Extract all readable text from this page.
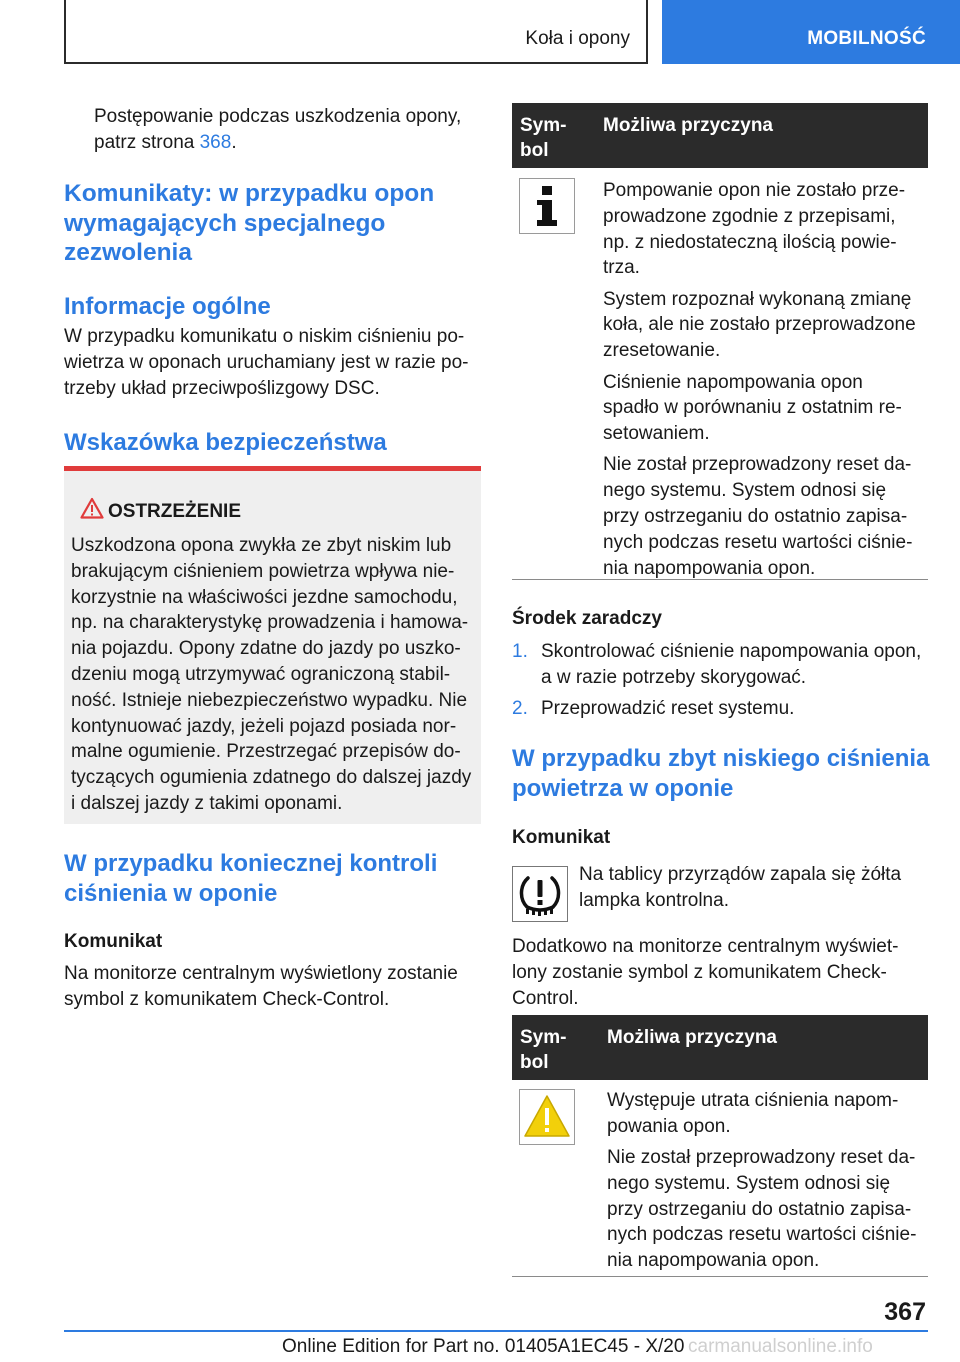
Koła i opony	MOBILNOŚĆ

Postępowanie podczas uszkodzenia opony,

patrz strona 368.

Komunikaty: w przypadku opon
wymagających specjalnego
zezwolenia
Informacje ogólne

W przypadku komunikatu o niskim ciśnieniu po-

wietrza w oponach uruchamiany jest w razie po-

trzeby układ przeciwpoślizgowy DSC.

Wskazówka bezpieczeństwa
OSTRZEŻENIE

Uszkodzona opona zwykła ze zbyt niskim lub

brakującym ciśnieniem powietrza wpływa nie-

korzystnie na właściwości jezdne samochodu,

np. na charakterystykę prowadzenia i hamowa-

nia pojazdu. Opony zdatne do jazdy po uszko-

dzeniu mogą utrzymywać ograniczoną stabil-

ność. Istnieje niebezpieczeństwo wypadku. Nie

kontynuować jazdy, jeżeli pojazd posiada nor-

malne ogumienie. Przestrzegać przepisów do-

tyczących ogumienia zdatnego do dalszej jazdy

i dalszej jazdy z takimi oponami.

W przypadku koniecznej kontroli
ciśnienia w oponie
Komunikat

Na monitorze centralnym wyświetlony zostanie

symbol z komunikatem Check-Control.

Sym-
bol
Możliwa przyczyna

Pompowanie opon nie zostało prze-
prowadzone zgodnie z przepisami,
np. z niedostateczną ilością powie-
trza.

System rozpoznał wykonaną zmianę
koła, ale nie zostało przeprowadzone
zresetowanie.

Ciśnienie napompowania opon
spadło w porównaniu z ostatnim re-
setowaniem.

Nie został przeprowadzony reset da-
nego systemu. System odnosi się
przy ostrzeganiu do ostatnio zapisa-
nych podczas resetu wartości ciśnie-
nia napompowania opon.

Środek zaradczy
1. Skontrolować ciśnienie napompowania opon,
a w razie potrzeby skorygować.
2. Przeprowadzić reset systemu.
W przypadku zbyt niskiego ciśnienia
powietrza w oponie
Komunikat

Na tablicy przyrządów zapala się żółta

lampka kontrolna.

Dodatkowo na monitorze centralnym wyświet-

lony zostanie symbol z komunikatem Check-

Control.

Sym-
bol
Możliwa przyczyna

Występuje utrata ciśnienia napom-
powania opon.

Nie został przeprowadzony reset da-
nego systemu. System odnosi się
przy ostrzeganiu do ostatnio zapisa-
nych podczas resetu wartości ciśnie-
nia napompowania opon.

367
Online Edition for Part no. 01405A1EC45 - X/20 carmanualsonline.info
